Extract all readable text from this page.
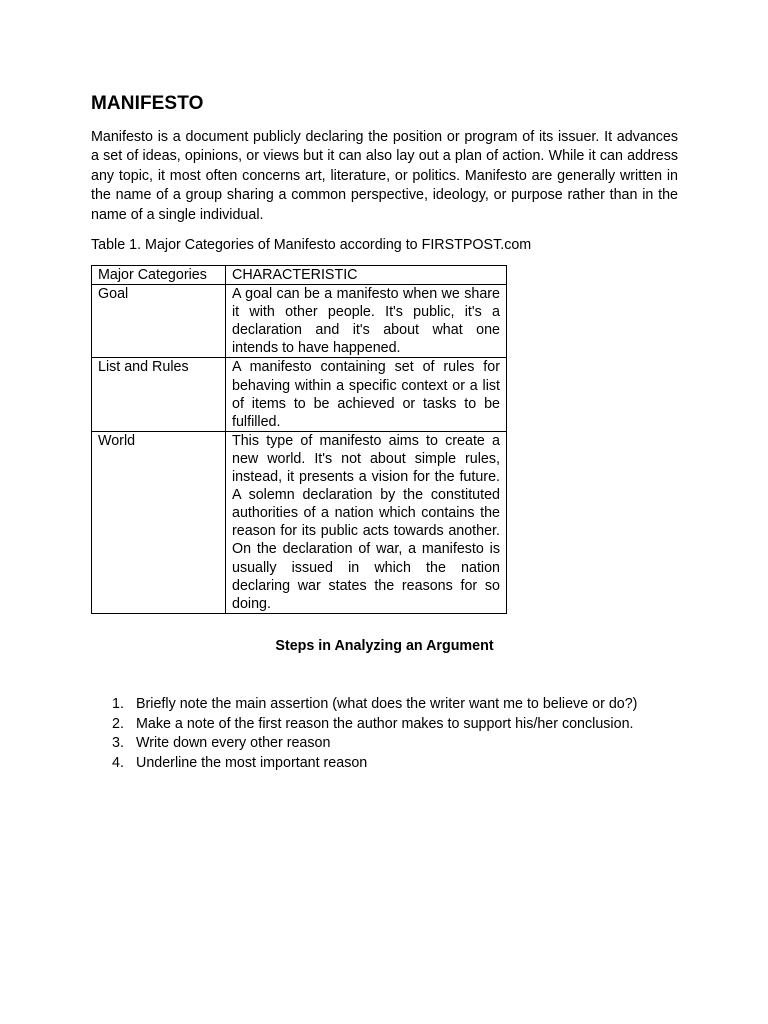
MANIFESTO

Manifesto is a document publicly declaring the position or program of its issuer. It advances a set of ideas, opinions, or views but it can also lay out a plan of action. While it can address any topic, it most often concerns art, literature, or politics. Manifesto are generally written in the name of a group sharing a common perspective, ideology, or purpose rather than in the name of a single individual.

Table 1. Major Categories of Manifesto according to FIRSTPOST.com

Major Categories	CHARACTERISTIC
Goal	A goal can be a manifesto when we share it with other people. It's public, it's a declaration and it's about what one intends to have happened.
List and Rules	A manifesto containing set of rules for behaving within a specific context or a list of items to be achieved or tasks to be fulfilled.
World	This type of manifesto aims to create a new world. It's not about simple rules, instead, it presents a vision for the future. A solemn declaration by the constituted authorities of a nation which contains the reason for its public acts towards another. On the declaration of war, a manifesto is usually issued in which the nation declaring war states the reasons for so doing.
Steps in Analyzing an Argument
1. Briefly note the main assertion (what does the writer want me to believe or do?)
2. Make a note of the first reason the author makes to support his/her conclusion.
3. Write down every other reason
4. Underline the most important reason
